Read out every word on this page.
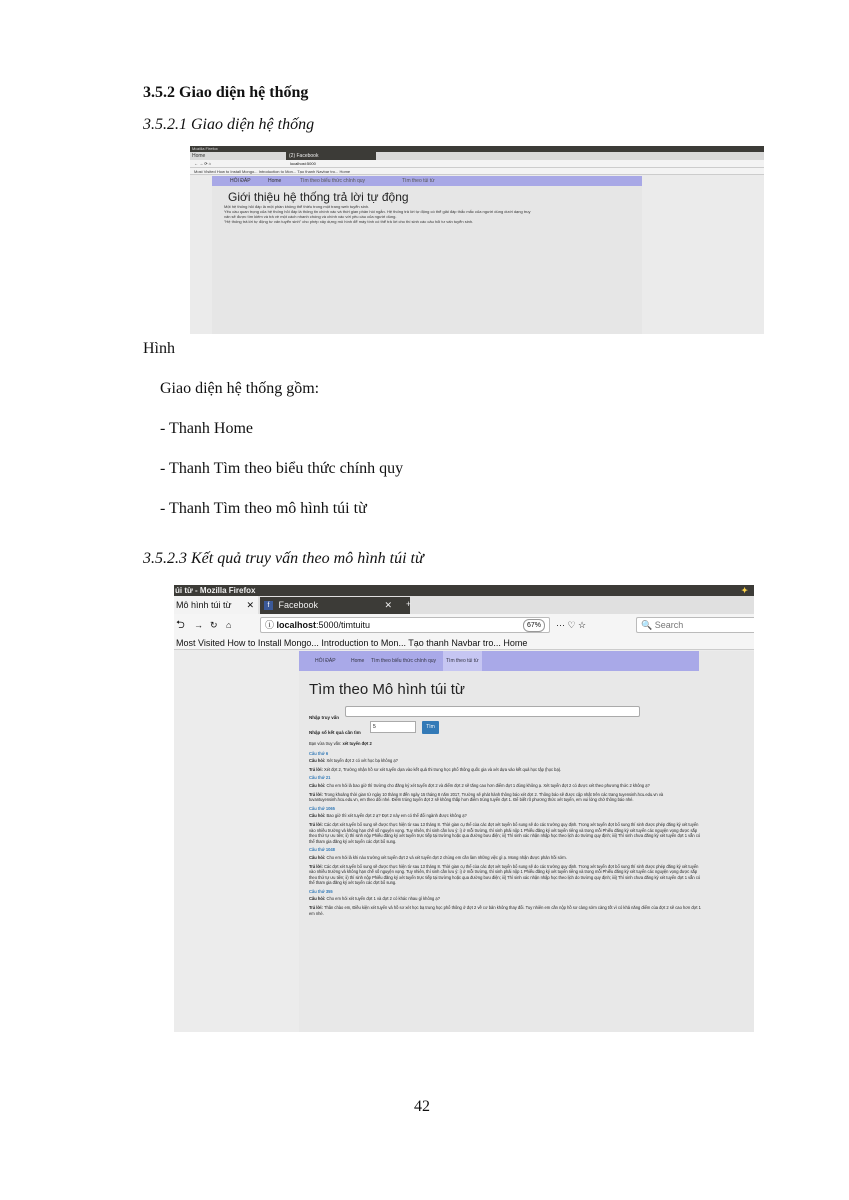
3.5.2 Giao diện hệ thống
3.5.2.1 Giao diện hệ thống
Mozilla Firefox
Home	(2) Facebook
← → ⟳ ⌂	localhost:5000
Most Visited How to Install Mongo... Introduction to Mon... Tạo thanh Navbar tro... Home
HỎI ĐÁP	Home	Tìm theo biểu thức chính quy	Tìm theo túi từ
Giới thiệu hệ thống trả lời tự động
Một hệ thống hỏi đáp là một phần không thể thiếu trong một trang web tuyển sinh.
Yêu cầu quan trọng của hệ thống hỏi đáp là thông tin chính xác và thời gian phản hồi ngắn. Hệ thống trả lời tự động có thể giải đáp thắc mắc của người dùng dưới dạng truy
vấn sẽ được tìm kiếm và trả về một cách nhanh chóng và chính xác với yêu cầu của người dùng.
"Hệ thống trả lời tự động tư vấn tuyển sinh" cho phép xây dựng mô hình để máy tính có thể trả lời cho thí sinh các câu hỏi tư vấn tuyển sinh.
Hình
Giao diện hệ thống gồm:
- Thanh Home
- Thanh Tìm theo biểu thức chính quy
- Thanh Tìm theo mô hình túi từ
3.5.2.3 Kết quả truy vấn theo mô hình túi từ
úi từ - Mozilla Firefox	✦
Mô hình túi từ ✕	f Facebook	✕ +
⮌ → ↻ ⌂	ⓘ localhost:5000/timtuitu	67%	··· ♡ ☆	🔍 Search
Most Visited How to Install Mongo... Introduction to Mon... Tạo thanh Navbar tro... Home
HỎI ĐÁP	Home Tìm theo biểu thức chính quy	Tìm theo túi từ
Tìm theo Mô hình túi từ
Nhập truy vấn
Nhập số kết quả cần tìm
5	Tìm
Bạn vừa truy vấn: xét tuyển đợt 2
Câu thứ 6
Câu hỏi: Xét tuyển đợt 2 có xét học bạ không ạ?
Trả lời: Xét đợt 2, Trường nhận hồ sơ xét tuyển dựa vào kết quả thi trung học phổ thông quốc gia và xét dựa vào kết quả học tập (học bạ).
Câu thứ 21
Câu hỏi: Cho em hỏi là bao giờ thì trường cho đăng ký xét tuyển đợt 2 và điểm đợt 2 sẽ tăng cao hơn điểm đợt 1 đúng không ạ. Xét tuyển đợt 2 có được xét theo phương thức 2 không ạ?
Trả lời: Trong khoảng thời gian từ ngày 10 tháng 8 đến ngày 15 tháng 8 năm 2017, Trường sẽ phát hành thông báo xét đợt 2. Thông báo sẽ được cập nhật trên các trang tuyensinh.hcu.edu.vn và tuvantuyensinh.hcu.edu.vn, em theo dõi nhé. Điểm trúng tuyển đợt 2 sẽ không thấp hơn điểm trúng tuyển đợt 1. Để biết rõ phương thức xét tuyển, em vui lòng chờ thông báo nhé.
Câu thứ 1065
Câu hỏi: Bao giờ thì xét tuyển đợt 2 ạ? Đợt 2 này em có thể đổi ngành được không ạ?
Trả lời: Các đợt xét tuyển bổ sung sẽ được thực hiện từ sau 13 tháng 8. Thời gian cụ thể của các đợt xét tuyển bổ sung sẽ do các trường quy định. Trong xét tuyển đợt bổ sung thí sinh được phép đăng ký xét tuyển vào nhiều trường và không hạn chế số nguyện vọng. Tuy nhiên, thí sinh cần lưu ý: i) ở mỗi trường, thí sinh phải nộp 1 Phiếu đăng ký xét tuyển riêng và trong mỗi Phiếu đăng ký xét tuyển các nguyện vọng được sắp theo thứ tự ưu tiên; ii) thí sinh nộp Phiếu đăng ký xét tuyển trực tiếp tại trường hoặc qua đường bưu điện; iii) Thí sinh xác nhận nhập học theo lịch do trường quy định; iiii) Thí sinh chưa đăng ký xét tuyển đợt 1 vẫn có thể tham gia đăng ký xét tuyển các đợt bổ sung.
Câu thứ 1048
Câu hỏi: Cho em hỏi là khi nào trường xét tuyển đợt 2 và xét tuyển đợt 2 chúng em cần làm những việc gì ạ. Mong nhận được phản hồi sớm.
Trả lời: Các đợt xét tuyển bổ sung sẽ được thực hiện từ sau 13 tháng 8. Thời gian cụ thể của các đợt xét tuyển bổ sung sẽ do các trường quy định. Trong xét tuyển đợt bổ sung thí sinh được phép đăng ký xét tuyển vào nhiều trường và không hạn chế số nguyện vọng. Tuy nhiên, thí sinh cần lưu ý: i) ở mỗi trường, thí sinh phải nộp 1 Phiếu đăng ký xét tuyển riêng và trong mỗi Phiếu đăng ký xét tuyển các nguyện vọng được sắp theo thứ tự ưu tiên; ii) thí sinh nộp Phiếu đăng ký xét tuyển trực tiếp tại trường hoặc qua đường bưu điện; iii) Thí sinh xác nhận nhập học theo lịch do trường quy định; iiii) Thí sinh chưa đăng ký xét tuyển đợt 1 vẫn có thể tham gia đăng ký xét tuyển các đợt bổ sung.
Câu thứ 355
Câu hỏi: Cho em hỏi xét tuyển đợt 1 và đợt 2 có khác nhau gì không ạ?
Trả lời: Thân chào em, Điều kiện xét tuyển và hồ sơ xét học bạ trung học phổ thông ở đợt 2 về cơ bản không thay đổi. Tuy nhiên em cần nộp hồ sơ càng sớm càng tốt vì có khả năng điểm của đợt 2 sẽ cao hơn đợt 1 em nhé.
42
